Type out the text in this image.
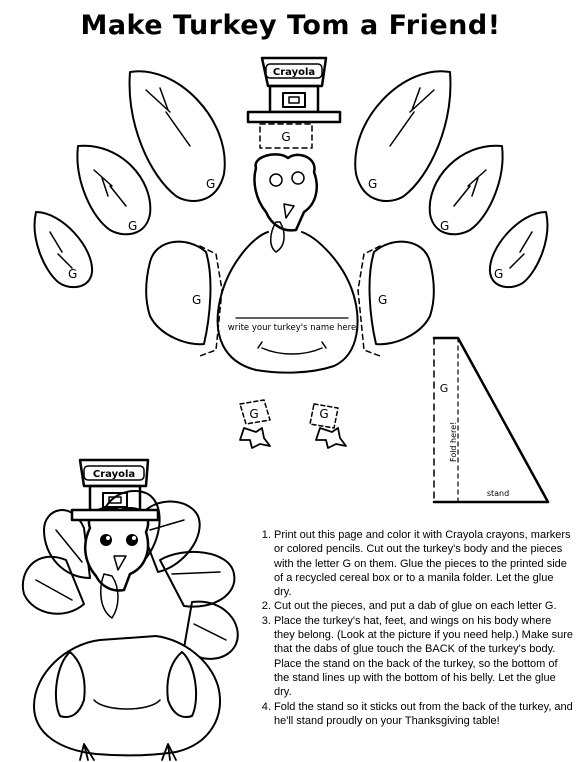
Make Turkey Tom a Friend!
Crayola
G
G
G
G
G
G
G
G	G
write your turkey's name here
G	G
G
Fold here!
stand
Crayola
1. Print out this page and color it with Crayola crayons, markers or colored pencils. Cut out the turkey's body and the pieces with the letter G on them. Glue the pieces to the printed side of a recycled cereal box or to a manila folder. Let the glue dry.
2. Cut out the pieces, and put a dab of glue on each letter G.
3. Place the turkey's hat, feet, and wings on his body where they belong. (Look at the picture if you need help.) Make sure that the dabs of glue touch the BACK of the turkey's body. Place the stand on the back of the turkey, so the bottom of the stand lines up with the bottom of his belly. Let the glue dry.
4. Fold the stand so it sticks out from the back of the turkey, and he'll stand proudly on your Thanksgiving table!
